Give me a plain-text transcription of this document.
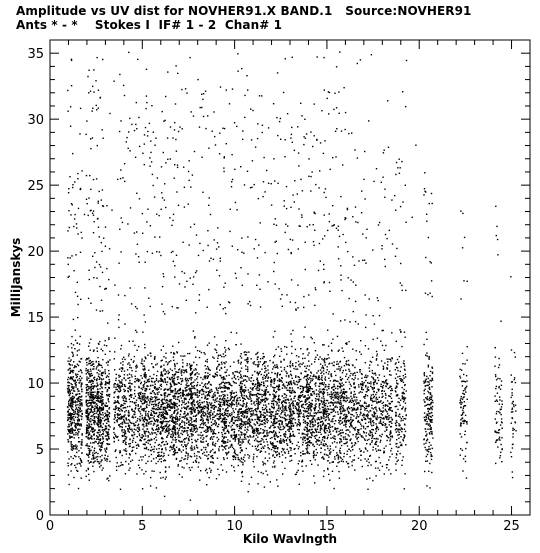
Amplitude vs UV dist for NOVHER91.X BAND.1   Source:NOVHER91
Ants * - *    Stokes I  IF# 1 - 2  Chan# 1
0	5	10	15	20	25
0
5
10
15
20
25
30
35
Kilo Wavlngth
MilliJanskys
